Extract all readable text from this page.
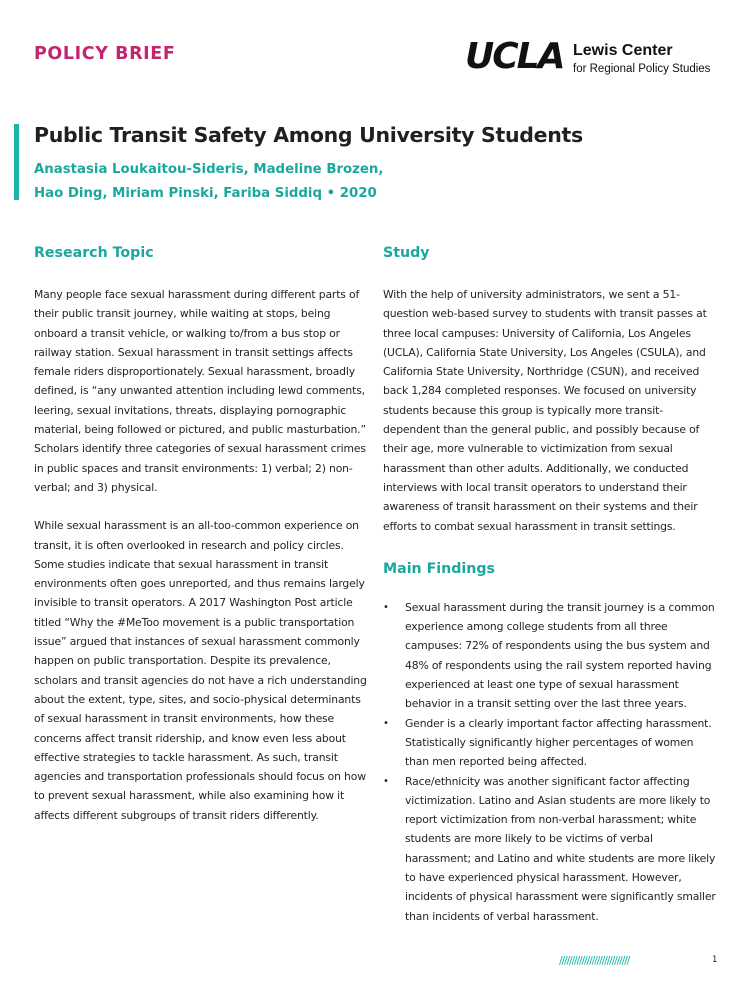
POLICY BRIEF	UCLA Lewis Center
for Regional Policy Studies
Public Transit Safety Among University Students
Anastasia Loukaitou-Sideris, Madeline Brozen,
Hao Ding, Miriam Pinski, Fariba Siddiq • 2020
Research Topic

Many people face sexual harassment during different parts of their public transit journey, while waiting at stops, being onboard a transit vehicle, or walking to/from a bus stop or railway station. Sexual harassment in transit settings affects female riders disproportionately. Sexual harassment, broadly defined, is “any unwanted attention including lewd comments, leering, sexual invitations, threats, displaying pornographic material, being followed or pictured, and public masturbation.” Scholars identify three categories of sexual harassment crimes in public spaces and transit environments: 1) verbal; 2) non-verbal; and 3) physical.

While sexual harassment is an all-too-common experience on transit, it is often overlooked in research and policy circles. Some studies indicate that sexual harassment in transit environments often goes unreported, and thus remains largely invisible to transit operators. A 2017 Washington Post article titled “Why the #MeToo movement is a public transportation issue” argued that instances of sexual harassment commonly happen on public transportation. Despite its prevalence, scholars and transit agencies do not have a rich understanding about the extent, type, sites, and socio-physical determinants of sexual harassment in transit environments, how these concerns affect transit ridership, and know even less about effective strategies to tackle harassment. As such, transit agencies and transportation professionals should focus on how to prevent sexual harassment, while also examining how it affects different subgroups of transit riders differently.

Study

With the help of university administrators, we sent a 51-question web-based survey to students with transit passes at three local campuses: University of California, Los Angeles (UCLA), California State University, Los Angeles (CSULA), and California State University, Northridge (CSUN), and received back 1,284 completed responses. We focused on university students because this group is typically more transit-dependent than the general public, and possibly because of their age, more vulnerable to victimization from sexual harassment than other adults. Additionally, we conducted interviews with local transit operators to understand their awareness of transit harassment on their systems and their efforts to combat sexual harassment in transit settings.

Main Findings
• Sexual harassment during the transit journey is a common experience among college students from all three campuses: 72% of respondents using the bus system and 48% of respondents using the rail system reported having experienced at least one type of sexual harassment behavior in a transit setting over the last three years.

• Gender is a clearly important factor affecting harassment. Statistically significantly higher percentages of women than men reported being affected.

• Race/ethnicity was another significant factor affecting victimization. Latino and Asian students are more likely to report victimization from non-verbal harassment; white students are more likely to be victims of verbal harassment; and Latino and white students are more likely to have experienced physical harassment. However, incidents of physical harassment were significantly smaller than incidents of verbal harassment.

////////////////////////////	1
